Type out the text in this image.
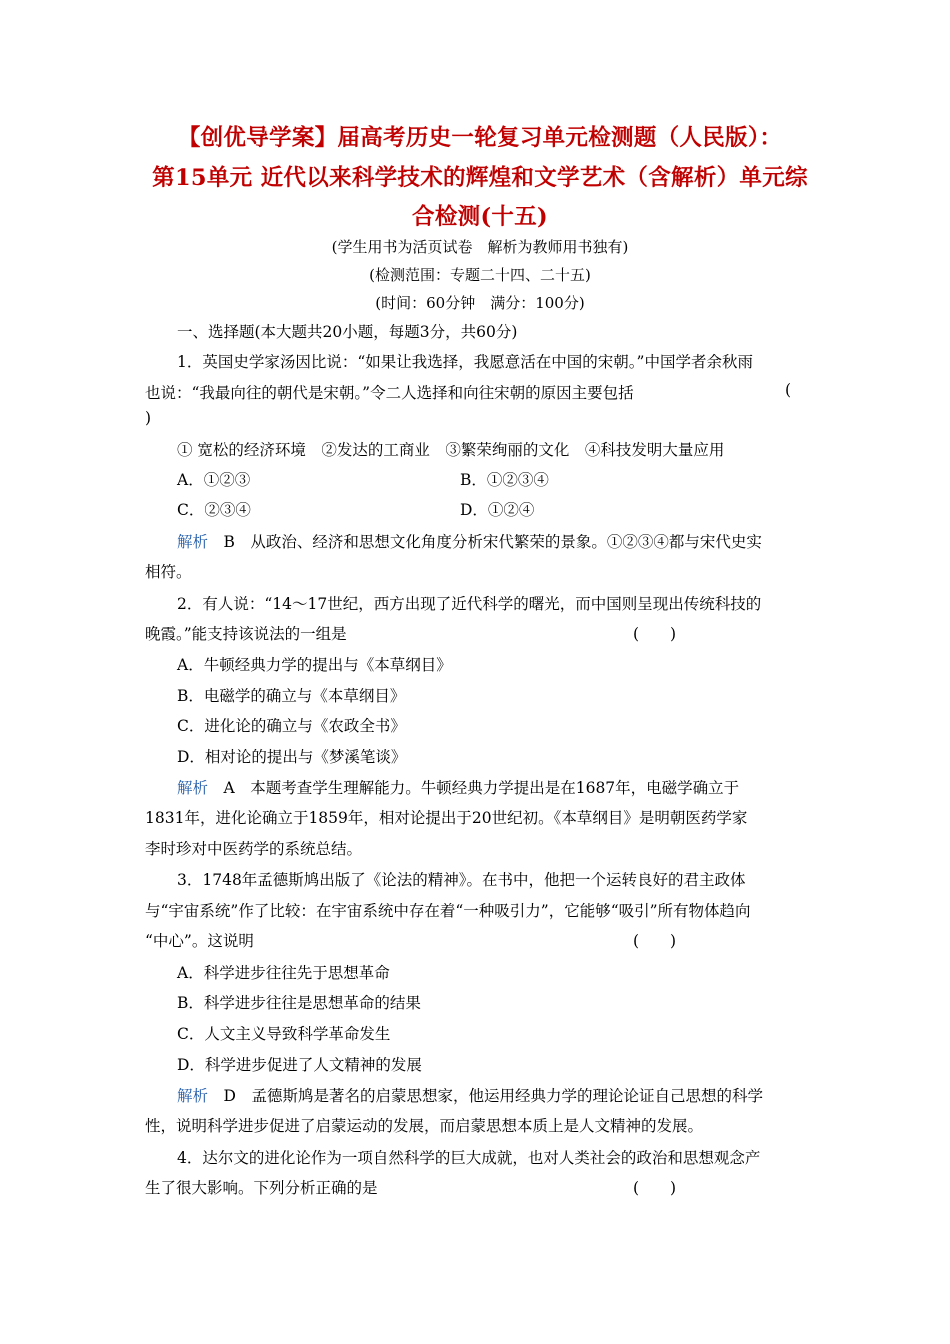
【创优导学案】届高考历史一轮复习单元检测题（人民版）：
第15单元 近代以来科学技术的辉煌和文学艺术（含解析）单元综
合检测(十五)
(学生用书为活页试卷　解析为教师用书独有)
(检测范围：专题二十四、二十五)
(时间：60分钟　满分：100分)
一、选择题(本大题共20小题，每题3分，共60分)
1．英国史学家汤因比说：“如果让我选择，我愿意活在中国的宋朝。”中国学者余秋雨
也说：“我最向往的朝代是宋朝。”令二人选择和向往宋朝的原因主要包括	(
)
① 宽松的经济环境　②发达的工商业　③繁荣绚丽的文化　④科技发明大量应用
A．①②③	B．①②③④
C．②③④	D．①②④
解析　 B　从政治、经济和思想文化角度分析宋代繁荣的景象。①②③④都与宋代史实
相符。
2．有人说：“14～17世纪，西方出现了近代科学的曙光，而中国则呈现出传统科技的
晚霞。”能支持该说法的一组是	(　　)
A．牛顿经典力学的提出与《本草纲目》
B．电磁学的确立与《本草纲目》
C．进化论的确立与《农政全书》
D．相对论的提出与《梦溪笔谈》
解析　 A　本题考查学生理解能力。牛顿经典力学提出是在1687年，电磁学确立于
1831年，进化论确立于1859年，相对论提出于20世纪初。《本草纲目》是明朝医药学家
李时珍对中医药学的系统总结。
3．1748年孟德斯鸠出版了《论法的精神》。在书中，他把一个运转良好的君主政体
与“宇宙系统”作了比较：在宇宙系统中存在着“一种吸引力”，它能够“吸引”所有物体趋向
“中心”。这说明	(　　)
A．科学进步往往先于思想革命
B．科学进步往往是思想革命的结果
C．人文主义导致科学革命发生
D．科学进步促进了人文精神的发展
解析　 D　孟德斯鸠是著名的启蒙思想家，他运用经典力学的理论论证自己思想的科学
性，说明科学进步促进了启蒙运动的发展，而启蒙思想本质上是人文精神的发展。
4．达尔文的进化论作为一项自然科学的巨大成就，也对人类社会的政治和思想观念产
生了很大影响。下列分析正确的是	(　　)
